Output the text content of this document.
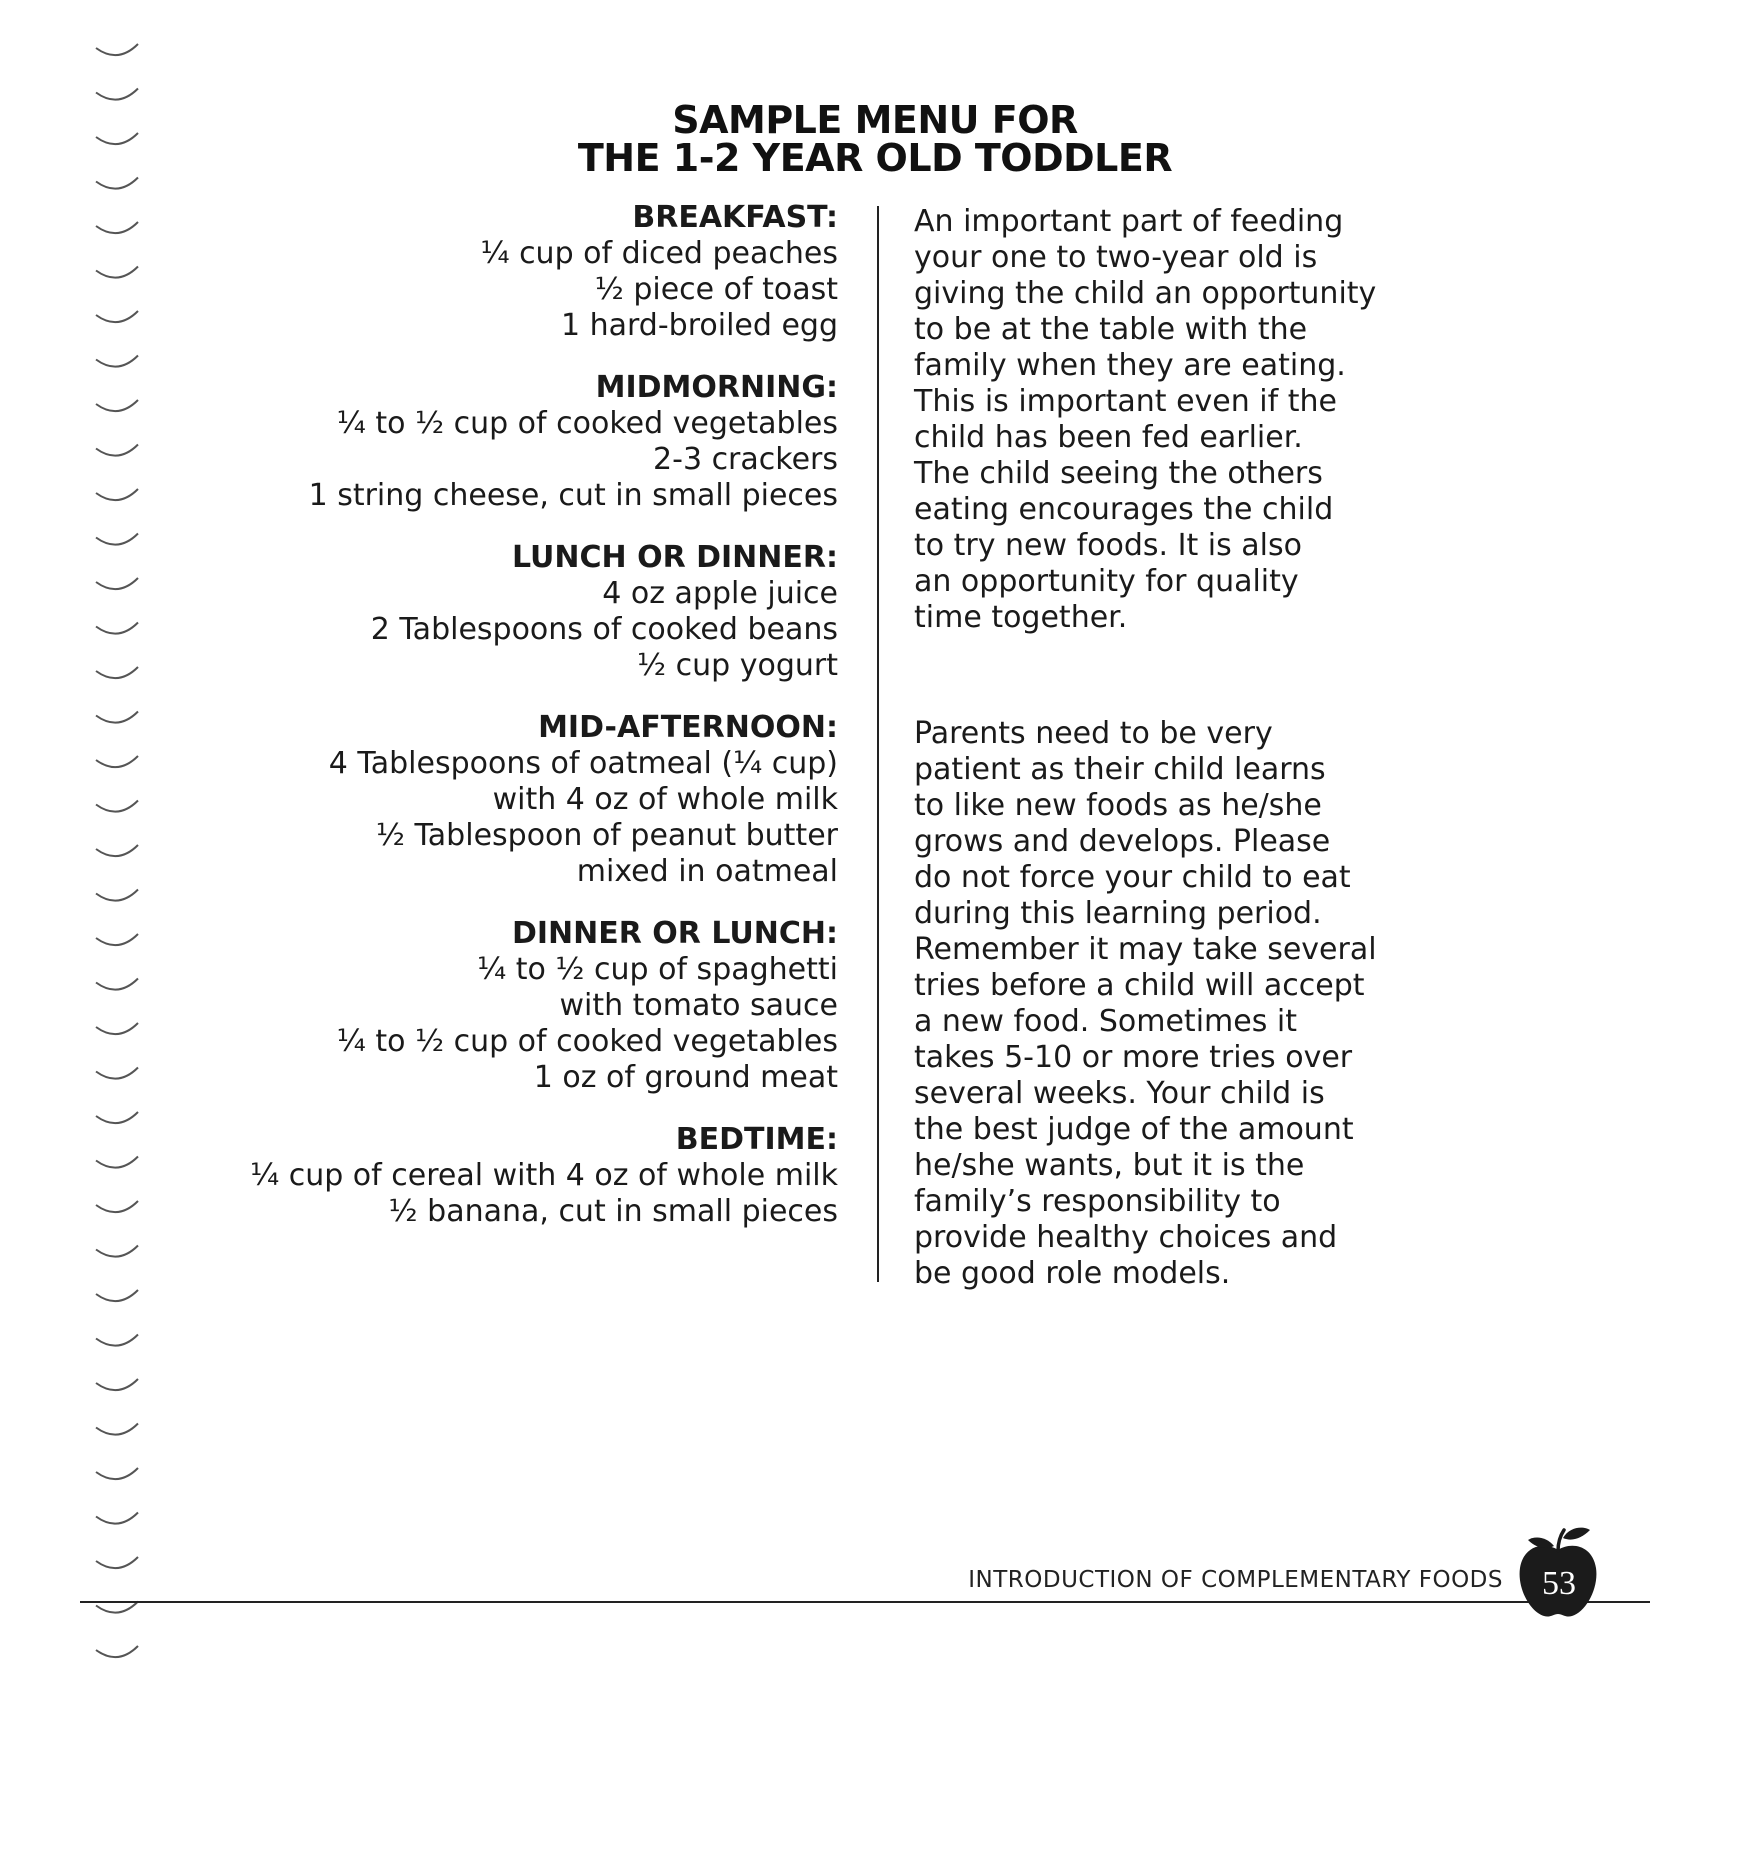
SAMPLE MENU FOR
THE 1-2 YEAR OLD TODDLER
BREAKFAST:
¼ cup of diced peaches
½ piece of toast
1 hard-broiled egg
MIDMORNING:
¼ to ½ cup of cooked vegetables
2-3 crackers
1 string cheese, cut in small pieces
LUNCH OR DINNER:
4 oz apple juice
2 Tablespoons of cooked beans
½ cup yogurt
MID-AFTERNOON:
4 Tablespoons of oatmeal (¼ cup)
with 4 oz of whole milk
½ Tablespoon of peanut butter
mixed in oatmeal
DINNER OR LUNCH:
¼ to ½ cup of spaghetti
with tomato sauce
¼ to ½ cup of cooked vegetables
1 oz of ground meat
BEDTIME:
¼ cup of cereal with 4 oz of whole milk
½ banana, cut in small pieces

An important part of feeding
your one to two-year old is
giving the child an opportunity
to be at the table with the
family when they are eating.
This is important even if the
child has been fed earlier.
The child seeing the others
eating encourages the child
to try new foods. It is also
an opportunity for quality
time together.

Parents need to be very
patient as their child learns
to like new foods as he/she
grows and develops. Please
do not force your child to eat
during this learning period.
Remember it may take several
tries before a child will accept
a new food. Sometimes it
takes 5-10 or more tries over
several weeks. Your child is
the best judge of the amount
he/she wants, but it is the
family’s responsibility to
provide healthy choices and
be good role models.

INTRODUCTION OF COMPLEMENTARY FOODS 53
